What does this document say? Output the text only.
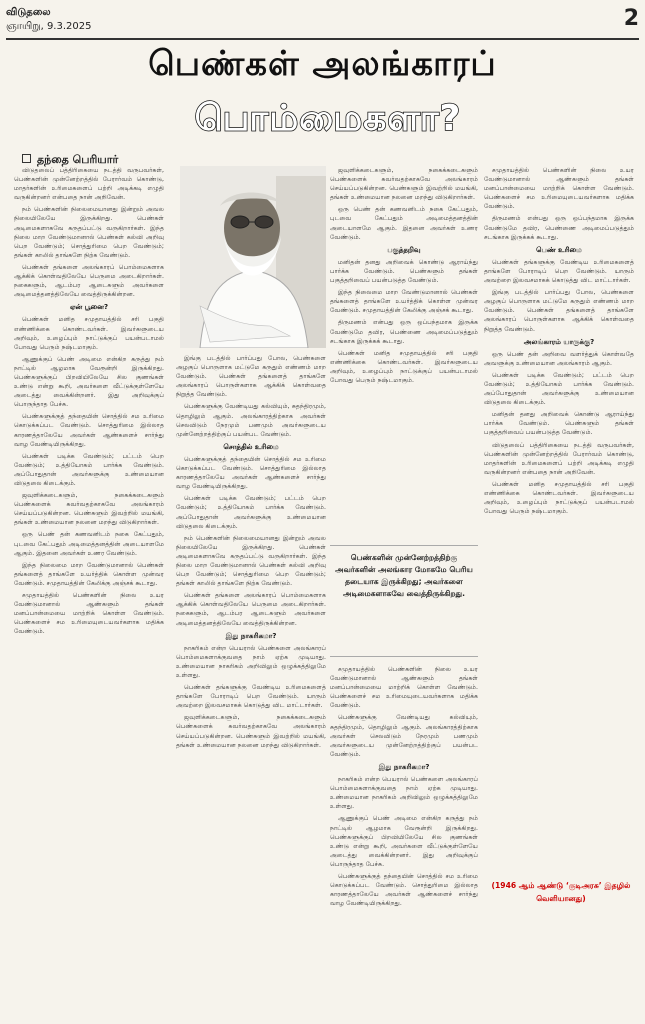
விடுதலை
ஞாயிறு, 9.3.2025	2
பெண்கள் அலங்காரப்
பொம்மைகளா?
தந்தை பெரியார்

விடுதலைப் பத்திரிகையை நடத்தி வருபவர்கள், பெண்களின் முன்னேற்றத்தில் பேரார்வம் கொண்டு, மாதர்களின் உரிமைகளைப் பற்றி அடிக்கடி எழுதி வருகின்றனர் என்பதை நான் அறிவேன்.

நம் பெண்களின் நிலைமையானது இன்றும் அவல நிலையிலேயே இருக்கிறது. பெண்கள் அடிமைகளாகவே கருதப்பட்டு வருகிறார்கள். இந்த நிலை மாற வேண்டுமானால் பெண்கள் கல்வி அறிவு பெற வேண்டும்; சொத்துரிமை பெற வேண்டும்; தங்கள் காலில் தாங்களே நிற்க வேண்டும்.

பெண்கள் தங்களை அலங்காரப் பொம்மைகளாக ஆக்கிக் கொள்வதிலேயே பெருமை அடைகிறார்கள். நகைகளும், ஆடம்பர ஆடைகளும் அவர்களை அடிமைத்தனத்திலேயே வைத்திருக்கின்றன.

ஏன் பூனை?

பெண்கள் மனித சமுதாயத்தில் சரி பகுதி எண்ணிக்கை கொண்டவர்கள். இவர்களுடைய அறிவும், உழைப்பும் நாட்டுக்குப் பயன்படாமல் போவது பெரும் நஷ்டமாகும்.

ஆணுக்குப் பெண் அடிமை என்கிற கருத்து நம் நாட்டில் ஆழமாக வேரூன்றி இருக்கிறது. பெண்களுக்குப் பிறவியிலேயே சில குணங்கள் உண்டு என்று கூறி, அவர்களை வீட்டுக்குள்ளேயே அடைத்து வைக்கின்றனர். இது அறிவுக்குப் பொருந்தாத பேச்சு.

பெண்களுக்குத் தந்தையின் சொத்தில் சம உரிமை கொடுக்கப்பட வேண்டும். சொத்துரிமை இல்லாத காரணத்தாலேயே அவர்கள் ஆண்களைச் சார்ந்து வாழ வேண்டியிருக்கிறது.

பெண்கள் படிக்க வேண்டும்; பட்டம் பெற வேண்டும்; உத்தியோகம் பார்க்க வேண்டும். அப்போதுதான் அவர்களுக்கு உண்மையான விடுதலை கிடைக்கும்.

ஜவுளிக்கடைகளும், நகைக்கடைகளும் பெண்களைக் கவர்வதற்காகவே அலங்காரம் செய்யப்படுகின்றன. பெண்களும் இவற்றில் மயங்கி, தங்கள் உண்மையான நலனை மறந்து விடுகிறார்கள்.

ஒரு பெண் தன் கணவனிடம் நகை கேட்பதும், புடவை கேட்பதும் அடிமைத்தனத்தின் அடையாளமே ஆகும். இதனை அவர்கள் உணர வேண்டும்.

இந்த நிலைமை மாற வேண்டுமானால் பெண்கள் தங்களைத் தாங்களே உயர்த்திக் கொள்ள முன்வர வேண்டும். சமுதாயத்தின் கேலிக்கு அஞ்சக் கூடாது.

சமுதாயத்தில் பெண்களின் நிலை உயர வேண்டுமானால் ஆண்களும் தங்கள் மனப்பான்மையை மாற்றிக் கொள்ள வேண்டும். பெண்களைச் சம உரிமையுடையவர்களாக மதிக்க வேண்டும்.

இங்கு படத்தில் பார்ப்பது போல, பெண்களை அழகுப் பொருளாக மட்டுமே கருதும் எண்ணம் மாற வேண்டும். பெண்கள் தங்களைத் தாங்களே அலங்காரப் பொருள்களாக ஆக்கிக் கொள்வதை நிறுத்த வேண்டும்.

பெண்களுக்கு வேண்டியது கல்வியும், சுதந்திரமும், தொழிலும் ஆகும். அலங்காரத்திற்காக அவர்கள் செலவிடும் நேரமும் பணமும் அவர்களுடைய முன்னேற்றத்திற்குப் பயன்பட வேண்டும்.

சொத்தில் உரிமை

பெண்களுக்குத் தந்தையின் சொத்தில் சம உரிமை கொடுக்கப்பட வேண்டும். சொத்துரிமை இல்லாத காரணத்தாலேயே அவர்கள் ஆண்களைச் சார்ந்து வாழ வேண்டியிருக்கிறது.

பெண்கள் படிக்க வேண்டும்; பட்டம் பெற வேண்டும்; உத்தியோகம் பார்க்க வேண்டும். அப்போதுதான் அவர்களுக்கு உண்மையான விடுதலை கிடைக்கும்.

நம் பெண்களின் நிலைமையானது இன்றும் அவல நிலையிலேயே இருக்கிறது. பெண்கள் அடிமைகளாகவே கருதப்பட்டு வருகிறார்கள். இந்த நிலை மாற வேண்டுமானால் பெண்கள் கல்வி அறிவு பெற வேண்டும்; சொத்துரிமை பெற வேண்டும்; தங்கள் காலில் தாங்களே நிற்க வேண்டும்.

பெண்கள் தங்களை அலங்காரப் பொம்மைகளாக ஆக்கிக் கொள்வதிலேயே பெருமை அடைகிறார்கள். நகைகளும், ஆடம்பர ஆடைகளும் அவர்களை அடிமைத்தனத்திலேயே வைத்திருக்கின்றன.

இது நாகரிகமா?

நாகரிகம் என்ற பெயரால் பெண்களை அலங்காரப் பொம்மைகளாக்குவதை நாம் ஏற்க முடியாது. உண்மையான நாகரிகம் அறிவிலும் ஒழுக்கத்திலுமே உள்ளது.

பெண்கள் தங்களுக்கு வேண்டிய உரிமைகளைத் தாங்களே போராடிப் பெற வேண்டும். யாரும் அவற்றை இலவசமாகக் கொடுத்து விட மாட்டார்கள்.

ஜவுளிக்கடைகளும், நகைக்கடைகளும் பெண்களைக் கவர்வதற்காகவே அலங்காரம் செய்யப்படுகின்றன. பெண்களும் இவற்றில் மயங்கி, தங்கள் உண்மையான நலனை மறந்து விடுகிறார்கள்.

ஜவுளிக்கடைகளும், நகைக்கடைகளும் பெண்களைக் கவர்வதற்காகவே அலங்காரம் செய்யப்படுகின்றன. பெண்களும் இவற்றில் மயங்கி, தங்கள் உண்மையான நலனை மறந்து விடுகிறார்கள்.

ஒரு பெண் தன் கணவனிடம் நகை கேட்பதும், புடவை கேட்பதும் அடிமைத்தனத்தின் அடையாளமே ஆகும். இதனை அவர்கள் உணர வேண்டும்.

பகுத்தறிவு

மனிதன் தனது அறிவைக் கொண்டு ஆராய்ந்து பார்க்க வேண்டும். பெண்களும் தங்கள் பகுத்தறிவைப் பயன்படுத்த வேண்டும்.

இந்த நிலைமை மாற வேண்டுமானால் பெண்கள் தங்களைத் தாங்களே உயர்த்திக் கொள்ள முன்வர வேண்டும். சமுதாயத்தின் கேலிக்கு அஞ்சக் கூடாது.

திருமணம் என்பது ஒரு ஒப்பந்தமாக இருக்க வேண்டுமே தவிர, பெண்ணை அடிமைப்படுத்தும் சடங்காக இருக்கக் கூடாது.

பெண்கள் மனித சமுதாயத்தில் சரி பகுதி எண்ணிக்கை கொண்டவர்கள். இவர்களுடைய அறிவும், உழைப்பும் நாட்டுக்குப் பயன்படாமல் போவது பெரும் நஷ்டமாகும்.

பெண்களின் முன்னேற்றத்திற்கு அவர்களின் அலங்கார மோகமே பெரிய தடையாக இருக்கிறது; அவர்களை அடிமைகளாகவே வைத்திருக்கிறது.

சமுதாயத்தில் பெண்களின் நிலை உயர வேண்டுமானால் ஆண்களும் தங்கள் மனப்பான்மையை மாற்றிக் கொள்ள வேண்டும். பெண்களைச் சம உரிமையுடையவர்களாக மதிக்க வேண்டும்.

பெண்களுக்கு வேண்டியது கல்வியும், சுதந்திரமும், தொழிலும் ஆகும். அலங்காரத்திற்காக அவர்கள் செலவிடும் நேரமும் பணமும் அவர்களுடைய முன்னேற்றத்திற்குப் பயன்பட வேண்டும்.

இது நாகரிகமா?

நாகரிகம் என்ற பெயரால் பெண்களை அலங்காரப் பொம்மைகளாக்குவதை நாம் ஏற்க முடியாது. உண்மையான நாகரிகம் அறிவிலும் ஒழுக்கத்திலுமே உள்ளது.

ஆணுக்குப் பெண் அடிமை என்கிற கருத்து நம் நாட்டில் ஆழமாக வேரூன்றி இருக்கிறது. பெண்களுக்குப் பிறவியிலேயே சில குணங்கள் உண்டு என்று கூறி, அவர்களை வீட்டுக்குள்ளேயே அடைத்து வைக்கின்றனர். இது அறிவுக்குப் பொருந்தாத பேச்சு.

பெண்களுக்குத் தந்தையின் சொத்தில் சம உரிமை கொடுக்கப்பட வேண்டும். சொத்துரிமை இல்லாத காரணத்தாலேயே அவர்கள் ஆண்களைச் சார்ந்து வாழ வேண்டியிருக்கிறது.

சமுதாயத்தில் பெண்களின் நிலை உயர வேண்டுமானால் ஆண்களும் தங்கள் மனப்பான்மையை மாற்றிக் கொள்ள வேண்டும். பெண்களைச் சம உரிமையுடையவர்களாக மதிக்க வேண்டும்.

திருமணம் என்பது ஒரு ஒப்பந்தமாக இருக்க வேண்டுமே தவிர, பெண்ணை அடிமைப்படுத்தும் சடங்காக இருக்கக் கூடாது.

பெண் உரிமை

பெண்கள் தங்களுக்கு வேண்டிய உரிமைகளைத் தாங்களே போராடிப் பெற வேண்டும். யாரும் அவற்றை இலவசமாகக் கொடுத்து விட மாட்டார்கள்.

இங்கு படத்தில் பார்ப்பது போல, பெண்களை அழகுப் பொருளாக மட்டுமே கருதும் எண்ணம் மாற வேண்டும். பெண்கள் தங்களைத் தாங்களே அலங்காரப் பொருள்களாக ஆக்கிக் கொள்வதை நிறுத்த வேண்டும்.

அலங்காரம் யாருக்கு?

ஒரு பெண் தன் அறிவை வளர்த்துக் கொள்வதே அவளுக்கு உண்மையான அலங்காரம் ஆகும்.

பெண்கள் படிக்க வேண்டும்; பட்டம் பெற வேண்டும்; உத்தியோகம் பார்க்க வேண்டும். அப்போதுதான் அவர்களுக்கு உண்மையான விடுதலை கிடைக்கும்.

மனிதன் தனது அறிவைக் கொண்டு ஆராய்ந்து பார்க்க வேண்டும். பெண்களும் தங்கள் பகுத்தறிவைப் பயன்படுத்த வேண்டும்.

விடுதலைப் பத்திரிகையை நடத்தி வருபவர்கள், பெண்களின் முன்னேற்றத்தில் பேரார்வம் கொண்டு, மாதர்களின் உரிமைகளைப் பற்றி அடிக்கடி எழுதி வருகின்றனர் என்பதை நான் அறிவேன்.

பெண்கள் மனித சமுதாயத்தில் சரி பகுதி எண்ணிக்கை கொண்டவர்கள். இவர்களுடைய அறிவும், உழைப்பும் நாட்டுக்குப் பயன்படாமல் போவது பெரும் நஷ்டமாகும்.

(1946 ஆம் ஆண்டு ‘குடிஅரசு’ இதழில் வெளியானது)
